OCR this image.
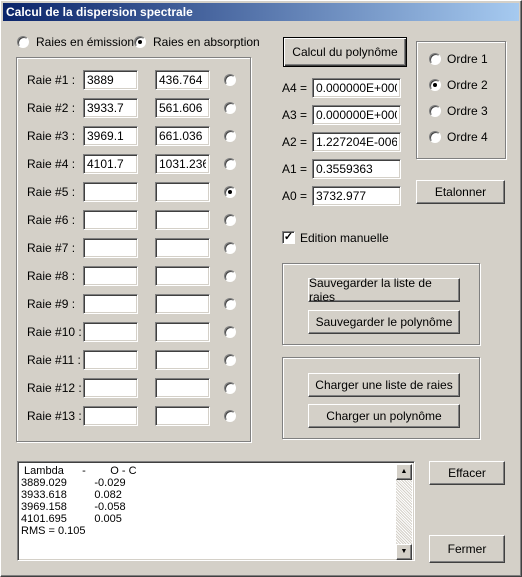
Calcul de la dispersion spectrale
Raies en émission Raies en absorption
Raie #1 :
3889
436.764
Raie #2 :
3933.7
561.606
Raie #3 :
3969.1
661.036
Raie #4 :
4101.7
1031.236
Raie #5 :
Raie #6 :
Raie #7 :
Raie #8 :
Raie #9 :
Raie #10 :
Raie #11 :
Raie #12 :
Raie #13 :
Calcul du polynôme
A4 =
0.000000E+000
A3 =
0.000000E+000
A2 =
1.227204E-006
A1 =
0.3559363
A0 =
3732.977
Ordre 1
Ordre 2
Ordre 3
Ordre 4
Etalonner
✓ Edition manuelle
Sauvegarder la liste de raies
Sauvegarder le polynôme
Charger une liste de raies
Charger un polynôme
Lambda      -        O - C
3889.029         -0.029
3933.618         0.082
3969.158         -0.058
4101.695         0.005
RMS = 0.105
▲
▼
Effacer
Fermer
